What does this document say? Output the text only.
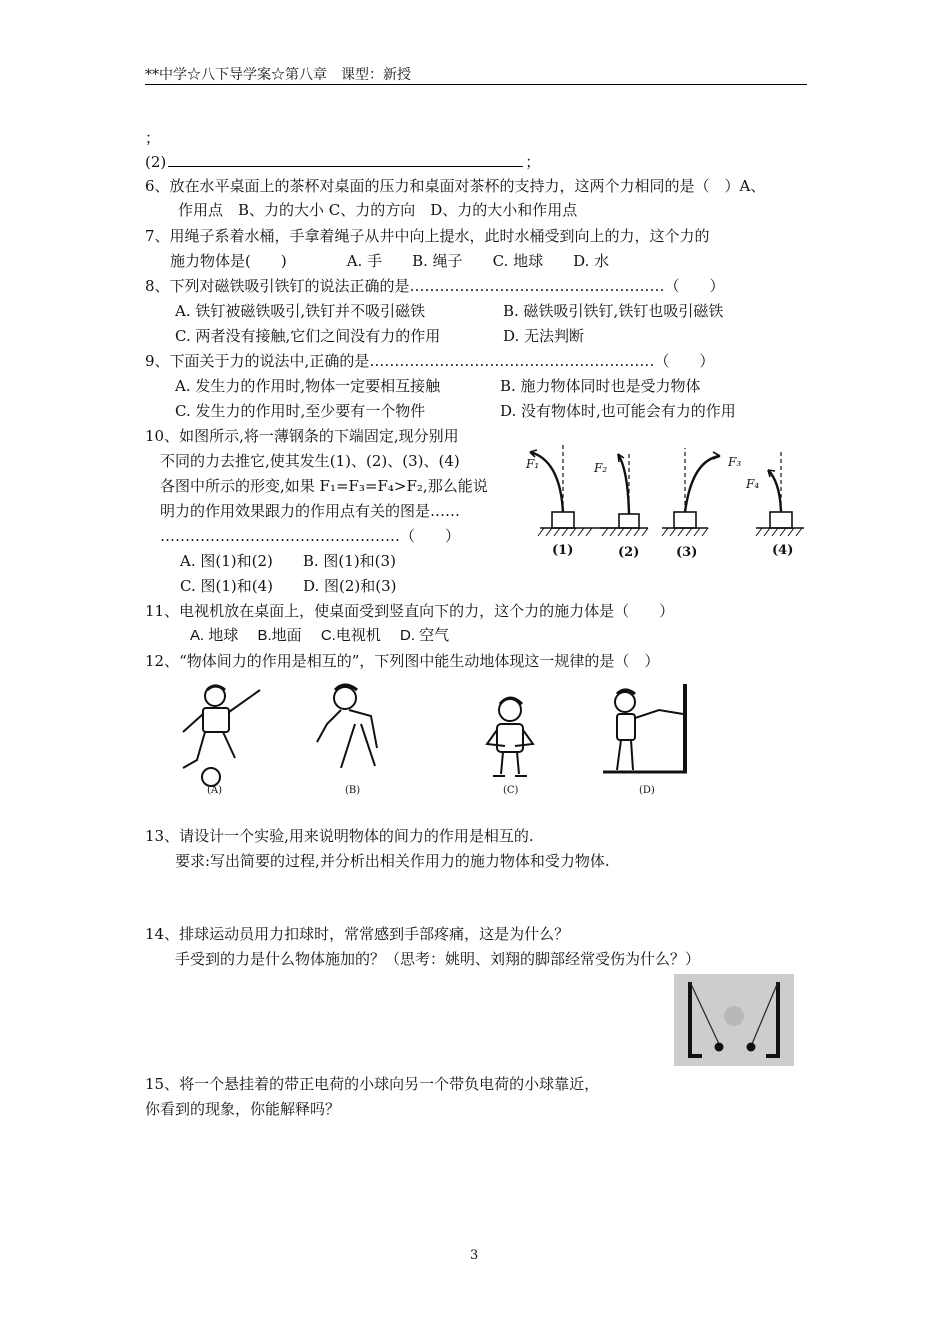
**中学☆八下导学案☆第八章　课型：新授
；
(2)	；
6、放在水平桌面上的茶杯对桌面的压力和桌面对茶杯的支持力，这两个力相同的是（　）A、
作用点　B、力的大小 C、力的方向　D、力的大小和作用点
7、用绳子系着水桶，手拿着绳子从井中向上提水，此时水桶受到向上的力，这个力的
施力物体是(　　)　　　　A. 手　　B. 绳子　　C. 地球　　D. 水
8、下列对磁铁吸引铁钉的说法正确的是……………………………………………（　　）
A. 铁钉被磁铁吸引,铁钉并不吸引磁铁	B. 磁铁吸引铁钉,铁钉也吸引磁铁
C. 两者没有接触,它们之间没有力的作用	D. 无法判断
9、下面关于力的说法中,正确的是…………………………………………………（　　）
A. 发生力的作用时,物体一定要相互接触	B. 施力物体同时也是受力物体
C. 发生力的作用时,至少要有一个物件	D. 没有物体时,也可能会有力的作用
10、如图所示,将一薄钢条的下端固定,现分别用
不同的力去推它,使其发生(1)、(2)、(3)、(4)
各图中所示的形变,如果 F₁=F₃=F₄>F₂,那么能说
明力的作用效果跟力的作用点有关的图是……
…………………………………………（　　）
A. 图(1)和(2)　　B. 图(1)和(3)
C. 图(1)和(4)　　D. 图(2)和(3)
F₁	F₂	F₃
F₄
(1)	(2)	(3)	(4)
11、电视机放在桌面上，使桌面受到竖直向下的力，这个力的施力体是（　　）
A. 地球　 B.地面　 C.电视机　 D. 空气
12、“物体间力的作用是相互的”，下列图中能生动地体现这一规律的是（　）
(A)	(B)	(C)	(D)
13、请设计一个实验,用来说明物体的间力的作用是相互的.
要求:写出简要的过程,并分析出相关作用力的施力物体和受力物体.
14、排球运动员用力扣球时，常常感到手部疼痛，这是为什么？
手受到的力是什么物体施加的？（思考：姚明、刘翔的脚部经常受伤为什么？）
15、将一个悬挂着的带正电荷的小球向另一个带负电荷的小球靠近，
你看到的现象，你能解释吗？
3
